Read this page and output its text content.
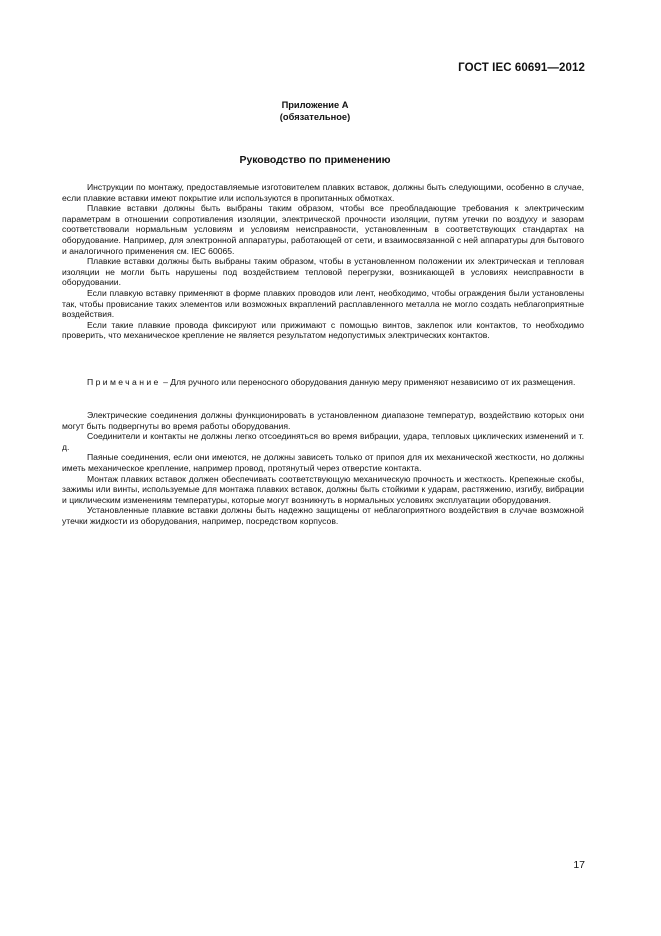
ГОСТ IEC 60691—2012
Приложение А
(обязательное)
Руководство по применению

Инструкции по монтажу, предоставляемые изготовителем плавких вставок, должны быть следующими, особенно в случае, если плавкие вставки имеют покрытие или используются в пропитанных обмотках.

Плавкие вставки должны быть выбраны таким образом, чтобы все преобладающие требования к электрическим параметрам в отношении сопротивления изоляции, электрической прочности изоляции, путям утечки по воздуху и зазорам соответствовали нормальным условиям и условиям неисправности, установленным в соответствующих стандартах на оборудование. Например, для электронной аппаратуры, работающей от сети, и взаимосвязанной с ней аппаратуры для бытового и аналогичного применения см. IEC 60065.

Плавкие вставки должны быть выбраны таким образом, чтобы в установленном положении их электрическая и тепловая изоляции не могли быть нарушены под воздействием тепловой перегрузки, возникающей в условиях неисправности в оборудовании.

Если плавкую вставку применяют в форме плавких проводов или лент, необходимо, чтобы ограждения были установлены так, чтобы провисание таких элементов или возможных вкраплений расплавленного металла не могло создать неблагоприятные воздействия.

Если такие плавкие провода фиксируют или прижимают с помощью винтов, заклепок или контактов, то необходимо проверить, что механическое крепление не является результатом недопустимых электрических контактов.

Примечание – Для ручного или переносного оборудования данную меру применяют независимо от их размещения.

Электрические соединения должны функционировать в установленном диапазоне температур, воздействию которых они могут быть подвергнуты во время работы оборудования.

Соединители и контакты не должны легко отсоединяться во время вибрации, удара, тепловых циклических изменений и т. д.

Паяные соединения, если они имеются, не должны зависеть только от припоя для их механической жесткости, но должны иметь механическое крепление, например провод, протянутый через отверстие контакта.

Монтаж плавких вставок должен обеспечивать соответствующую механическую прочность и жесткость. Крепежные скобы, зажимы или винты, используемые для монтажа плавких вставок, должны быть стойкими к ударам, растяжению, изгибу, вибрации и циклическим изменениям температуры, которые могут возникнуть в нормальных условиях эксплуатации оборудования.

Установленные плавкие вставки должны быть надежно защищены от неблагоприятного воздействия в случае возможной утечки жидкости из оборудования, например, посредством корпусов.

17
